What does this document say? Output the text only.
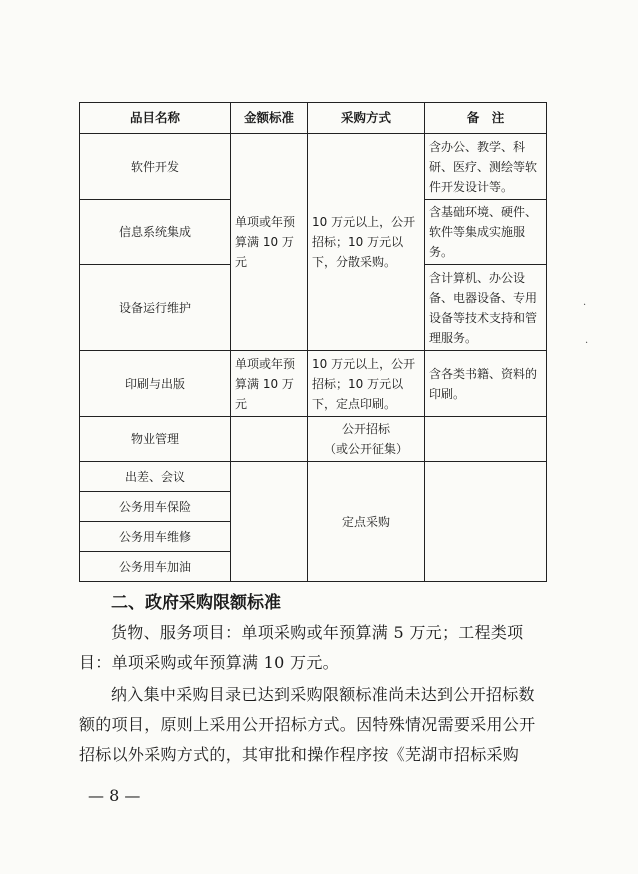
品目名称	金额标准	采购方式	备　注
软件开发	单项或年预算满 10 万元	10 万元以上，公开招标；10 万元以下，分散采购。	含办公、教学、科研、医疗、测绘等软件开发设计等。
信息系统集成			含基础环境、硬件、软件等集成实施服务。
设备运行维护			含计算机、办公设备、电器设备、专用设备等技术支持和管理服务。
印刷与出版	单项或年预算满 10 万元	10 万元以上，公开招标；10 万元以下，定点印刷。	含各类书籍、资料的印刷。
物业管理		公开招标
（或公开征集）	

出差、会议		定点采购	
公务用车保险			
公务用车维修			
公务用车加油			
二、政府采购限额标准
货物、服务项目：单项采购或年预算满 5 万元；工程类项目：单项采购或年预算满 10 万元。
纳入集中采购目录已达到采购限额标准尚未达到公开招标数额的项目，原则上采用公开招标方式。因特殊情况需要采用公开招标以外采购方式的，其审批和操作程序按《芜湖市招标采购
— 8 —
·
·
